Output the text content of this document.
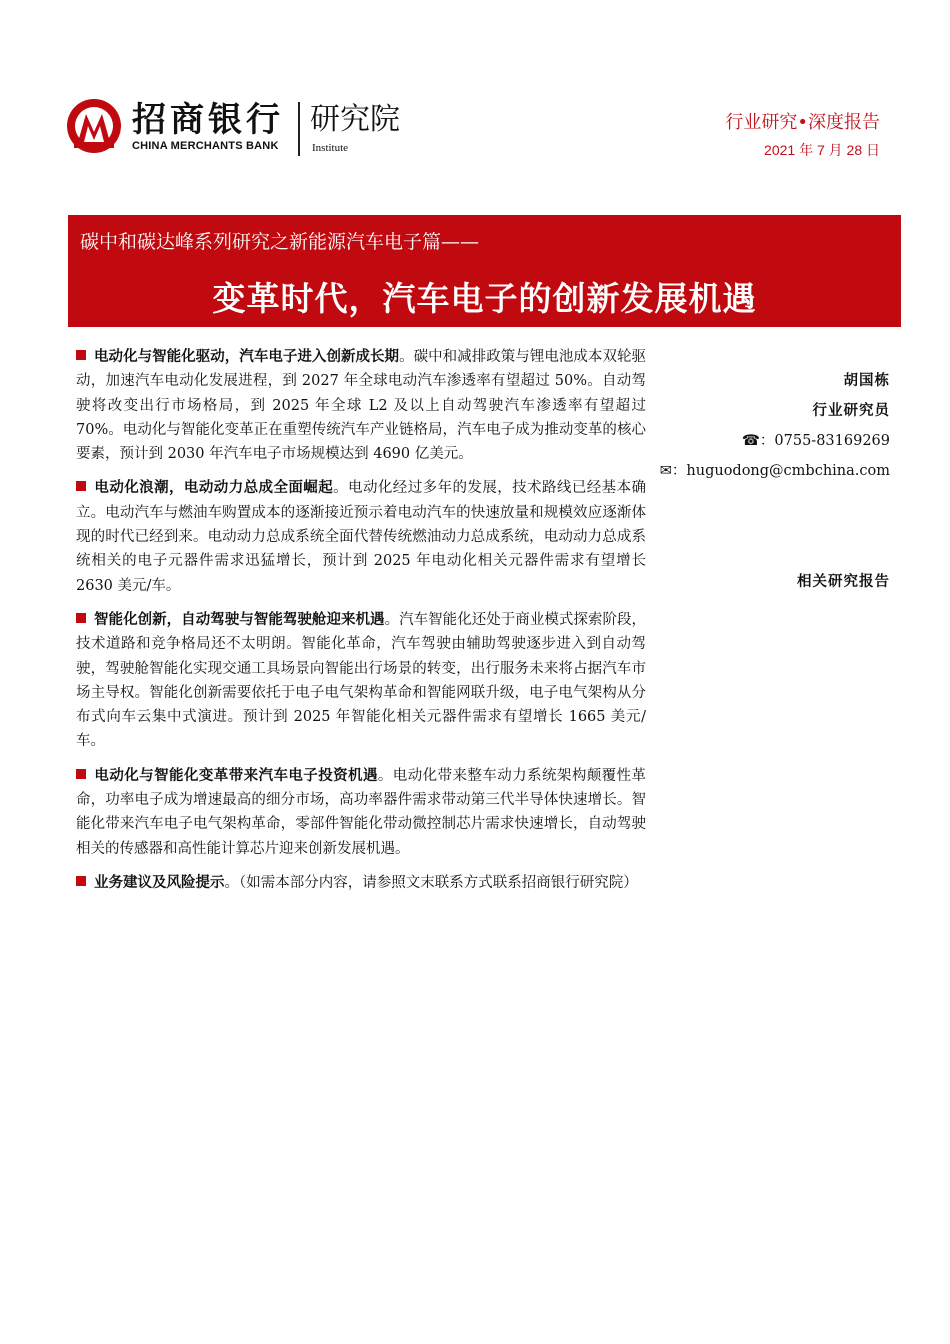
招商银行
CHINA MERCHANTS BANK
研究院
Institute
行业研究•深度报告
2021 年 7 月 28 日
碳中和碳达峰系列研究之新能源汽车电子篇——
变革时代，汽车电子的创新发展机遇

电动化与智能化驱动，汽车电子进入创新成长期。碳中和减排政策与锂电池成本双轮驱动，加速汽车电动化发展进程，到 2027 年全球电动汽车渗透率有望超过 50%。自动驾驶将改变出行市场格局，到 2025 年全球 L2 及以上自动驾驶汽车渗透率有望超过 70%。电动化与智能化变革正在重塑传统汽车产业链格局，汽车电子成为推动变革的核心要素，预计到 2030 年汽车电子市场规模达到 4690 亿美元。

电动化浪潮，电动动力总成全面崛起。电动化经过多年的发展，技术路线已经基本确立。电动汽车与燃油车购置成本的逐渐接近预示着电动汽车的快速放量和规模效应逐渐体现的时代已经到来。电动动力总成系统全面代替传统燃油动力总成系统，电动动力总成系统相关的电子元器件需求迅猛增长，预计到 2025 年电动化相关元器件需求有望增长 2630 美元/车。

智能化创新，自动驾驶与智能驾驶舱迎来机遇。汽车智能化还处于商业模式探索阶段，技术道路和竞争格局还不太明朗。智能化革命，汽车驾驶由辅助驾驶逐步进入到自动驾驶，驾驶舱智能化实现交通工具场景向智能出行场景的转变，出行服务未来将占据汽车市场主导权。智能化创新需要依托于电子电气架构革命和智能网联升级，电子电气架构从分布式向车云集中式演进。预计到 2025 年智能化相关元器件需求有望增长 1665 美元/车。

电动化与智能化变革带来汽车电子投资机遇。电动化带来整车动力系统架构颠覆性革命，功率电子成为增速最高的细分市场，高功率器件需求带动第三代半导体快速增长。智能化带来汽车电子电气架构革命，零部件智能化带动微控制芯片需求快速增长，自动驾驶相关的传感器和高性能计算芯片迎来创新发展机遇。

业务建议及风险提示。（如需本部分内容，请参照文末联系方式联系招商银行研究院）

胡国栋
行业研究员
☎：0755-83169269
✉：huguodong@cmbchina.com
相关研究报告
